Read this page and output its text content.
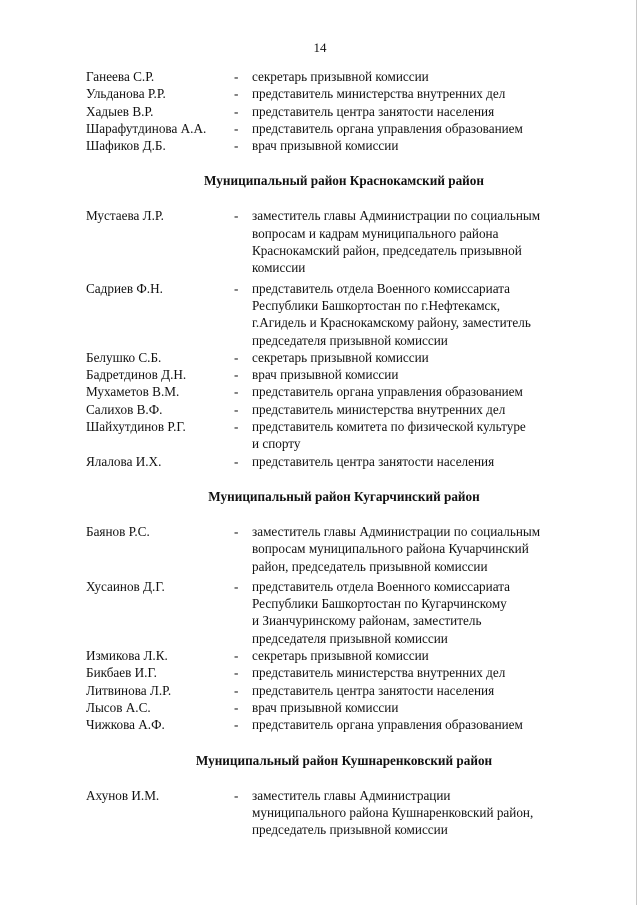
14
Ганеева С.Р.	-	секретарь призывной комиссии
Ульданова Р.Р.	-	представитель министерства внутренних дел
Хадыев В.Р.	-	представитель центра занятости населения
Шарафутдинова А.А.	-	представитель органа управления образованием
Шафиков Д.Б.	-	врач призывной комиссии
Муниципальный район Краснокамский район
Мустаева Л.Р.	-	заместитель главы Администрации по социальным
вопросам и кадрам муниципального района
Краснокамский район, председатель призывной
комиссии
Садриев Ф.Н.	-	представитель отдела Военного комиссариата
Республики Башкортостан по г.Нефтекамск,
г.Агидель и Краснокамскому району, заместитель
председателя призывной комиссии
Белушко С.Б.	-	секретарь призывной комиссии
Бадретдинов Д.Н.	-	врач призывной комиссии
Мухаметов В.М.	-	представитель органа управления образованием
Салихов В.Ф.	-	представитель министерства внутренних дел
Шайхутдинов Р.Г.	-	представитель комитета по физической культуре
и спорту
Ялалова И.Х.	-	представитель центра занятости населения
Муниципальный район Кугарчинский район
Баянов Р.С.	-	заместитель главы Администрации по социальным
вопросам муниципального района Кучарчинский
район, председатель призывной комиссии
Хусаинов Д.Г.	-	представитель отдела Военного комиссариата
Республики Башкортостан по Кугарчинскому
и Зианчуринскому районам, заместитель
председателя призывной комиссии
Измикова Л.К.	-	секретарь призывной комиссии
Бикбаев И.Г.	-	представитель министерства внутренних дел
Литвинова Л.Р.	-	представитель центра занятости населения
Лысов А.С.	-	врач призывной комиссии
Чижкова А.Ф.	-	представитель органа управления образованием
Муниципальный район Кушнаренковский район
Ахунов И.М.	-	заместитель главы Администрации
муниципального района Кушнаренковский район,
председатель призывной комиссии
